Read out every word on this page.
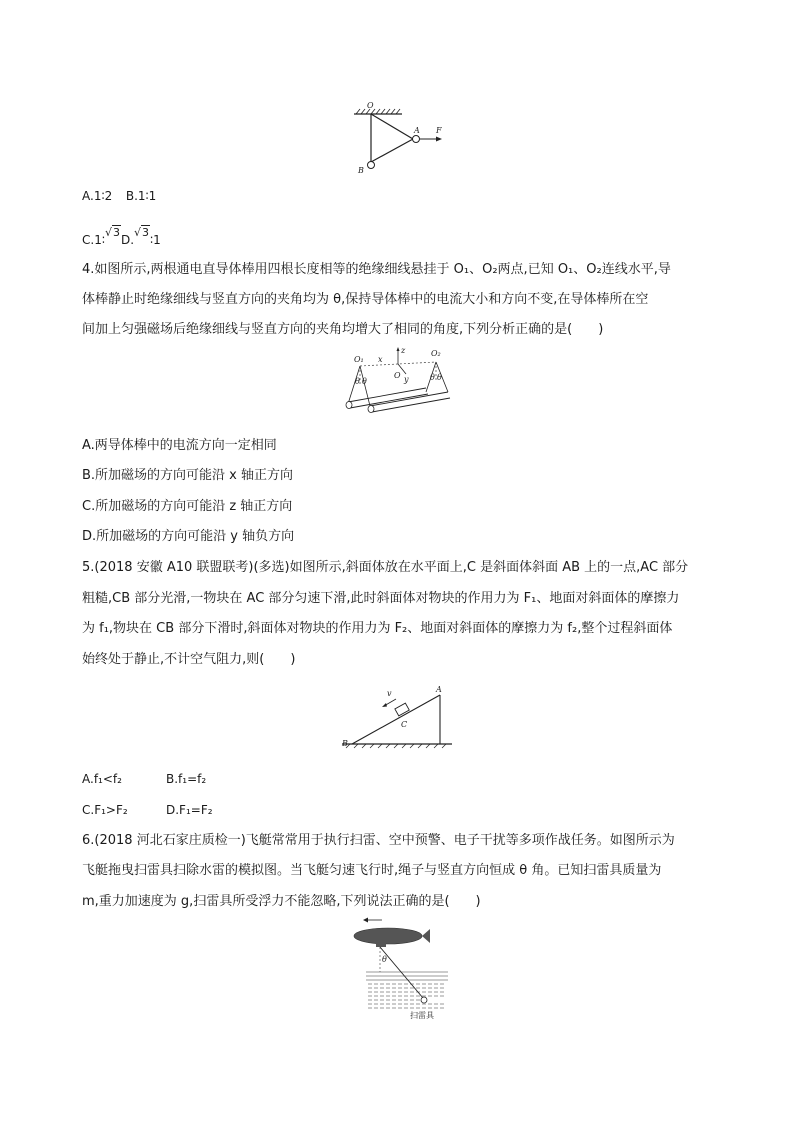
O
A
B
F
A.1∶2 B.1∶1
C.1∶√3D.√3∶1
4.如图所示,两根通电直导体棒用四根长度相等的绝缘细线悬挂于 O₁、O₂两点,已知 O₁、O₂连线水平,导
体棒静止时绝缘细线与竖直方向的夹角均为 θ,保持导体棒中的电流大小和方向不变,在导体棒所在空
间加上匀强磁场后绝缘细线与竖直方向的夹角均增大了相同的角度,下列分析正确的是(　　)
O₁
O₂
O
x
y
z
θ θ	θ θ
A.两导体棒中的电流方向一定相同
B.所加磁场的方向可能沿 x 轴正方向
C.所加磁场的方向可能沿 z 轴正方向
D.所加磁场的方向可能沿 y 轴负方向
5.(2018 安徽 A10 联盟联考)(多选)如图所示,斜面体放在水平面上,C 是斜面体斜面 AB 上的一点,AC 部分
粗糙,CB 部分光滑,一物块在 AC 部分匀速下滑,此时斜面体对物块的作用力为 F₁、地面对斜面体的摩擦力
为 f₁,物块在 CB 部分下滑时,斜面体对物块的作用力为 F₂、地面对斜面体的摩擦力为 f₂,整个过程斜面体
始终处于静止,不计空气阻力,则(　　)
A
B
C
v
A.f₁<f₂	B.f₁=f₂
C.F₁>F₂	D.F₁=F₂
6.(2018 河北石家庄质检一)飞艇常常用于执行扫雷、空中预警、电子干扰等多项作战任务。如图所示为
飞艇拖曳扫雷具扫除水雷的模拟图。当飞艇匀速飞行时,绳子与竖直方向恒成 θ 角。已知扫雷具质量为
m,重力加速度为 g,扫雷具所受浮力不能忽略,下列说法正确的是(　　)
θ
扫雷具
